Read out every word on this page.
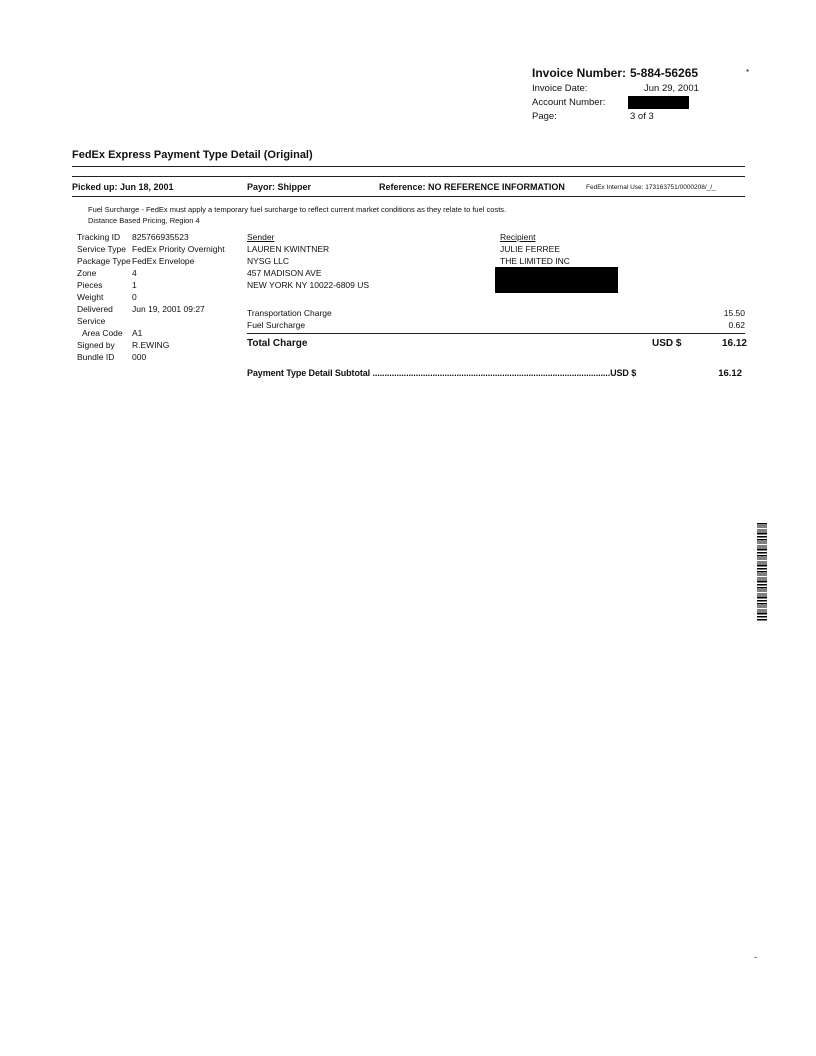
Invoice Number: 5-884-56265	*
Invoice Date:	Jun 29, 2001
Account Number:
Page:	3 of 3
FedEx Express Payment Type Detail (Original)
Picked up: Jun 18, 2001	Payor: Shipper	Reference: NO REFERENCE INFORMATION	FedEx Internal Use: 173163751/0000208/_/_
Fuel Surcharge - FedEx must apply a temporary fuel surcharge to reflect current market conditions as they relate to fuel costs.
Distance Based Pricing, Region 4
Tracking ID 825766935523
Service Type FedEx Priority Overnight
Package Type FedEx Envelope
Zone	4
Pieces	1
Weight	0
Delivered Jun 19, 2001 09:27
Service
Area Code A1
Signed by R.EWING
Bundle ID 000
Sender
LAUREN KWINTNER
NYSG LLC
457 MADISON AVE
NEW YORK NY 10022-6809 US
Recipient
JULIE FERREE
THE LIMITED INC
Transportation Charge	15.50
Fuel Surcharge	0.62
Total Charge	USD $	16.12
Payment Type Detail Subtotal ...................................................................................................USD $	16.12
-
